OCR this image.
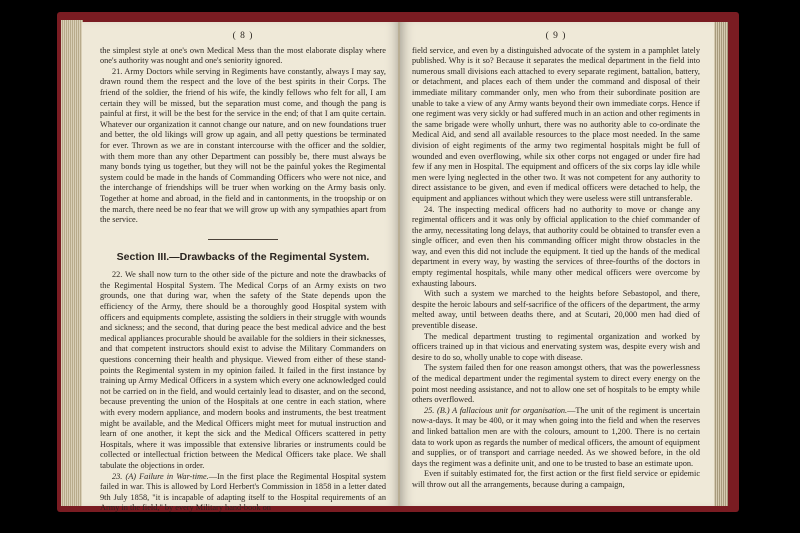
( 8 )

the simplest style at one's own Medical Mess than the most elaborate display where one's authority was nought and one's seniority ignored.

21. Army Doctors while serving in Regiments have constantly, always I may say, drawn round them the respect and the love of the best spirits in their Corps. The friend of the soldier, the friend of his wife, the kindly fellows who felt for all, I am certain they will be missed, but the separation must come, and though the pang is painful at first, it will be the best for the service in the end; of that I am quite certain. Whatever our organization it cannot change our nature, and on new foundations truer and better, the old likings will grow up again, and all petty questions be terminated for ever. Thrown as we are in constant intercourse with the officer and the soldier, with them more than any other Department can possibly be, there must always be many bonds tying us together, but they will not be the painful yokes the Regimental system could be made in the hands of Commanding Officers who were not nice, and the interchange of friendships will be truer when working on the Army basis only. Together at home and abroad, in the field and in cantonments, in the troopship or on the march, there need be no fear that we will grow up with any sympathies apart from the service.

Section III.—Drawbacks of the Regimental System.

22. We shall now turn to the other side of the picture and note the drawbacks of the Regimental Hospital System. The Medical Corps of an Army exists on two grounds, one that during war, when the safety of the State depends upon the efficiency of the Army, there should be a thoroughly good Hospital system with officers and equipments complete, assisting the soldiers in their struggle with wounds and sickness; and the second, that during peace the best medical advice and the best medical appliances procurable should be available for the soldiers in their sicknesses, and that competent instructors should exist to advise the Military Commanders on questions concerning their health and physique. Viewed from either of these stand-points the Regimental system in my opinion failed. It failed in the first instance by training up Army Medical Officers in a system which every one acknowledged could not be carried on in the field, and would certainly lead to disaster, and on the second, because preventing the union of the Hospitals at one centre in each station, where with every modern appliance, and modern books and instruments, the best treatment might be available, and the Medical Officers might meet for mutual instruction and learn of one another, it kept the sick and the Medical Officers scattered in petty Hospitals, where it was impossible that extensive libraries or instruments could be collected or intellectual friction between the Medical Officers take place. We shall tabulate the objections in order.

23. (A) Failure in War-time.—In the first place the Regimental Hospital system failed in war. This is allowed by Lord Herbert's Commission in 1858 in a letter dated 9th July 1858, "it is incapable of adapting itself to the Hospital requirements of an Army in the field," by every Military hand-book on

( 9 )

field service, and even by a distinguished advocate of the system in a pamphlet lately published. Why is it so? Because it separates the medical department in the field into numerous small divisions each attached to every separate regiment, battalion, battery, or detachment, and places each of them under the command and disposal of their immediate military commander only, men who from their subordinate position are unable to take a view of any Army wants beyond their own immediate corps. Hence if one regiment was very sickly or had suffered much in an action and other regiments in the same brigade were wholly unhurt, there was no authority able to co-ordinate the Medical Aid, and send all available resources to the place most needed. In the same division of eight regiments of the army two regimental hospitals might be full of wounded and even overflowing, while six other corps not engaged or under fire had few if any men in Hospital. The equipment and officers of the six corps lay idle while men were lying neglected in the other two. It was not competent for any authority to direct assistance to be given, and even if medical officers were detached to help, the equipment and appliances without which they were useless were still untransferable.

24. The inspecting medical officers had no authority to move or change any regimental officers and it was only by official application to the chief commander of the army, necessitating long delays, that authority could be obtained to transfer even a single officer, and even then his commanding officer might throw obstacles in the way, and even this did not include the equipment. It tied up the hands of the medical department in every way, by wasting the services of three-fourths of the doctors in empty regimental hospitals, while many other medical officers were overcome by exhausting labours.

With such a system we marched to the heights before Sebastopol, and there, despite the heroic labours and self-sacrifice of the officers of the department, the army melted away, until between deaths there, and at Scutari, 20,000 men had died of preventible disease.

The medical department trusting to regimental organization and worked by officers trained up in that vicious and enervating system was, despite every wish and desire to do so, wholly unable to cope with disease.

The system failed then for one reason amongst others, that was the powerlessness of the medical department under the regimental system to direct every energy on the point most needing assistance, and not to allow one set of hospitals to be empty while others overflowed.

25. (B.) A fallacious unit for organisation.—The unit of the regiment is uncertain now-a-days. It may be 400, or it may when going into the field and when the reserves and linked battalion men are with the colours, amount to 1,200. There is no certain data to work upon as regards the number of medical officers, the amount of equipment and supplies, or of transport and carriage needed. As we showed before, in the old days the regiment was a definite unit, and one to be trusted to base an estimate upon.

Even if suitably estimated for, the first action or the first field service or epidemic will throw out all the arrangements, because during a campaign,
